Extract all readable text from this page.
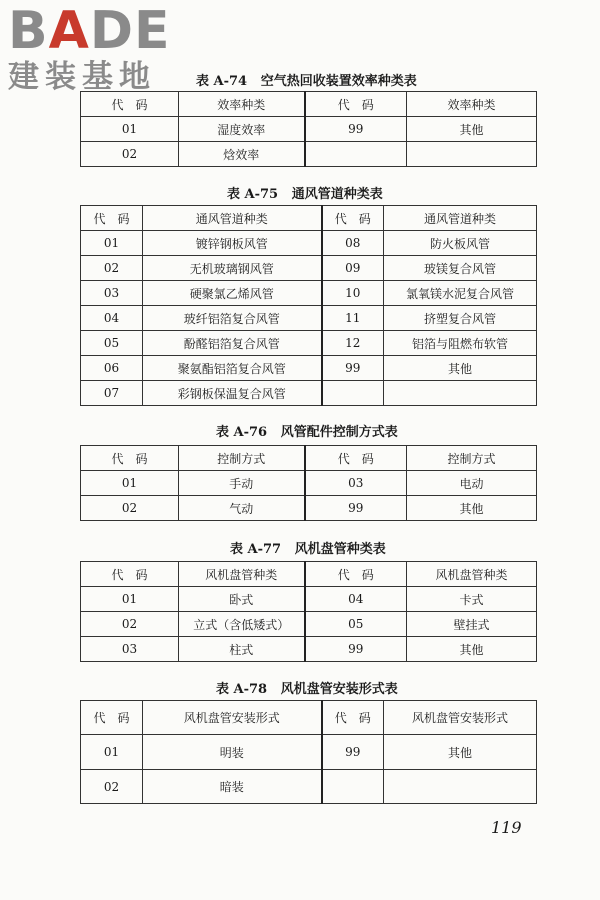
BADE
建装基地	表 A-74 空气热回收装置效率种类表
代　码	效率种类	代　码	效率种类
01	湿度效率	99	其他
02	焓效率		
表 A-75 通风管道种类表
代　码	通风管道种类	代　码	通风管道种类
01	镀锌钢板风管	08	防火板风管
02	无机玻璃钢风管	09	玻镁复合风管
03	硬聚氯乙烯风管	10	氯氧镁水泥复合风管
04	玻纤铝箔复合风管	11	挤塑复合风管
05	酚醛铝箔复合风管	12	铝箔与阻燃布软管
06	聚氨酯铝箔复合风管	99	其他
07	彩钢板保温复合风管		
表 A-76 风管配件控制方式表
代　码	控制方式	代　码	控制方式
01	手动	03	电动
02	气动	99	其他
表 A-77 风机盘管种类表
代　码	风机盘管种类	代　码	风机盘管种类
01	卧式	04	卡式
02	立式（含低矮式）	05	壁挂式
03	柱式	99	其他
表 A-78 风机盘管安装形式表
代　码	风机盘管安装形式	代　码	风机盘管安装形式
01	明装	99	其他
02	暗装		
119
